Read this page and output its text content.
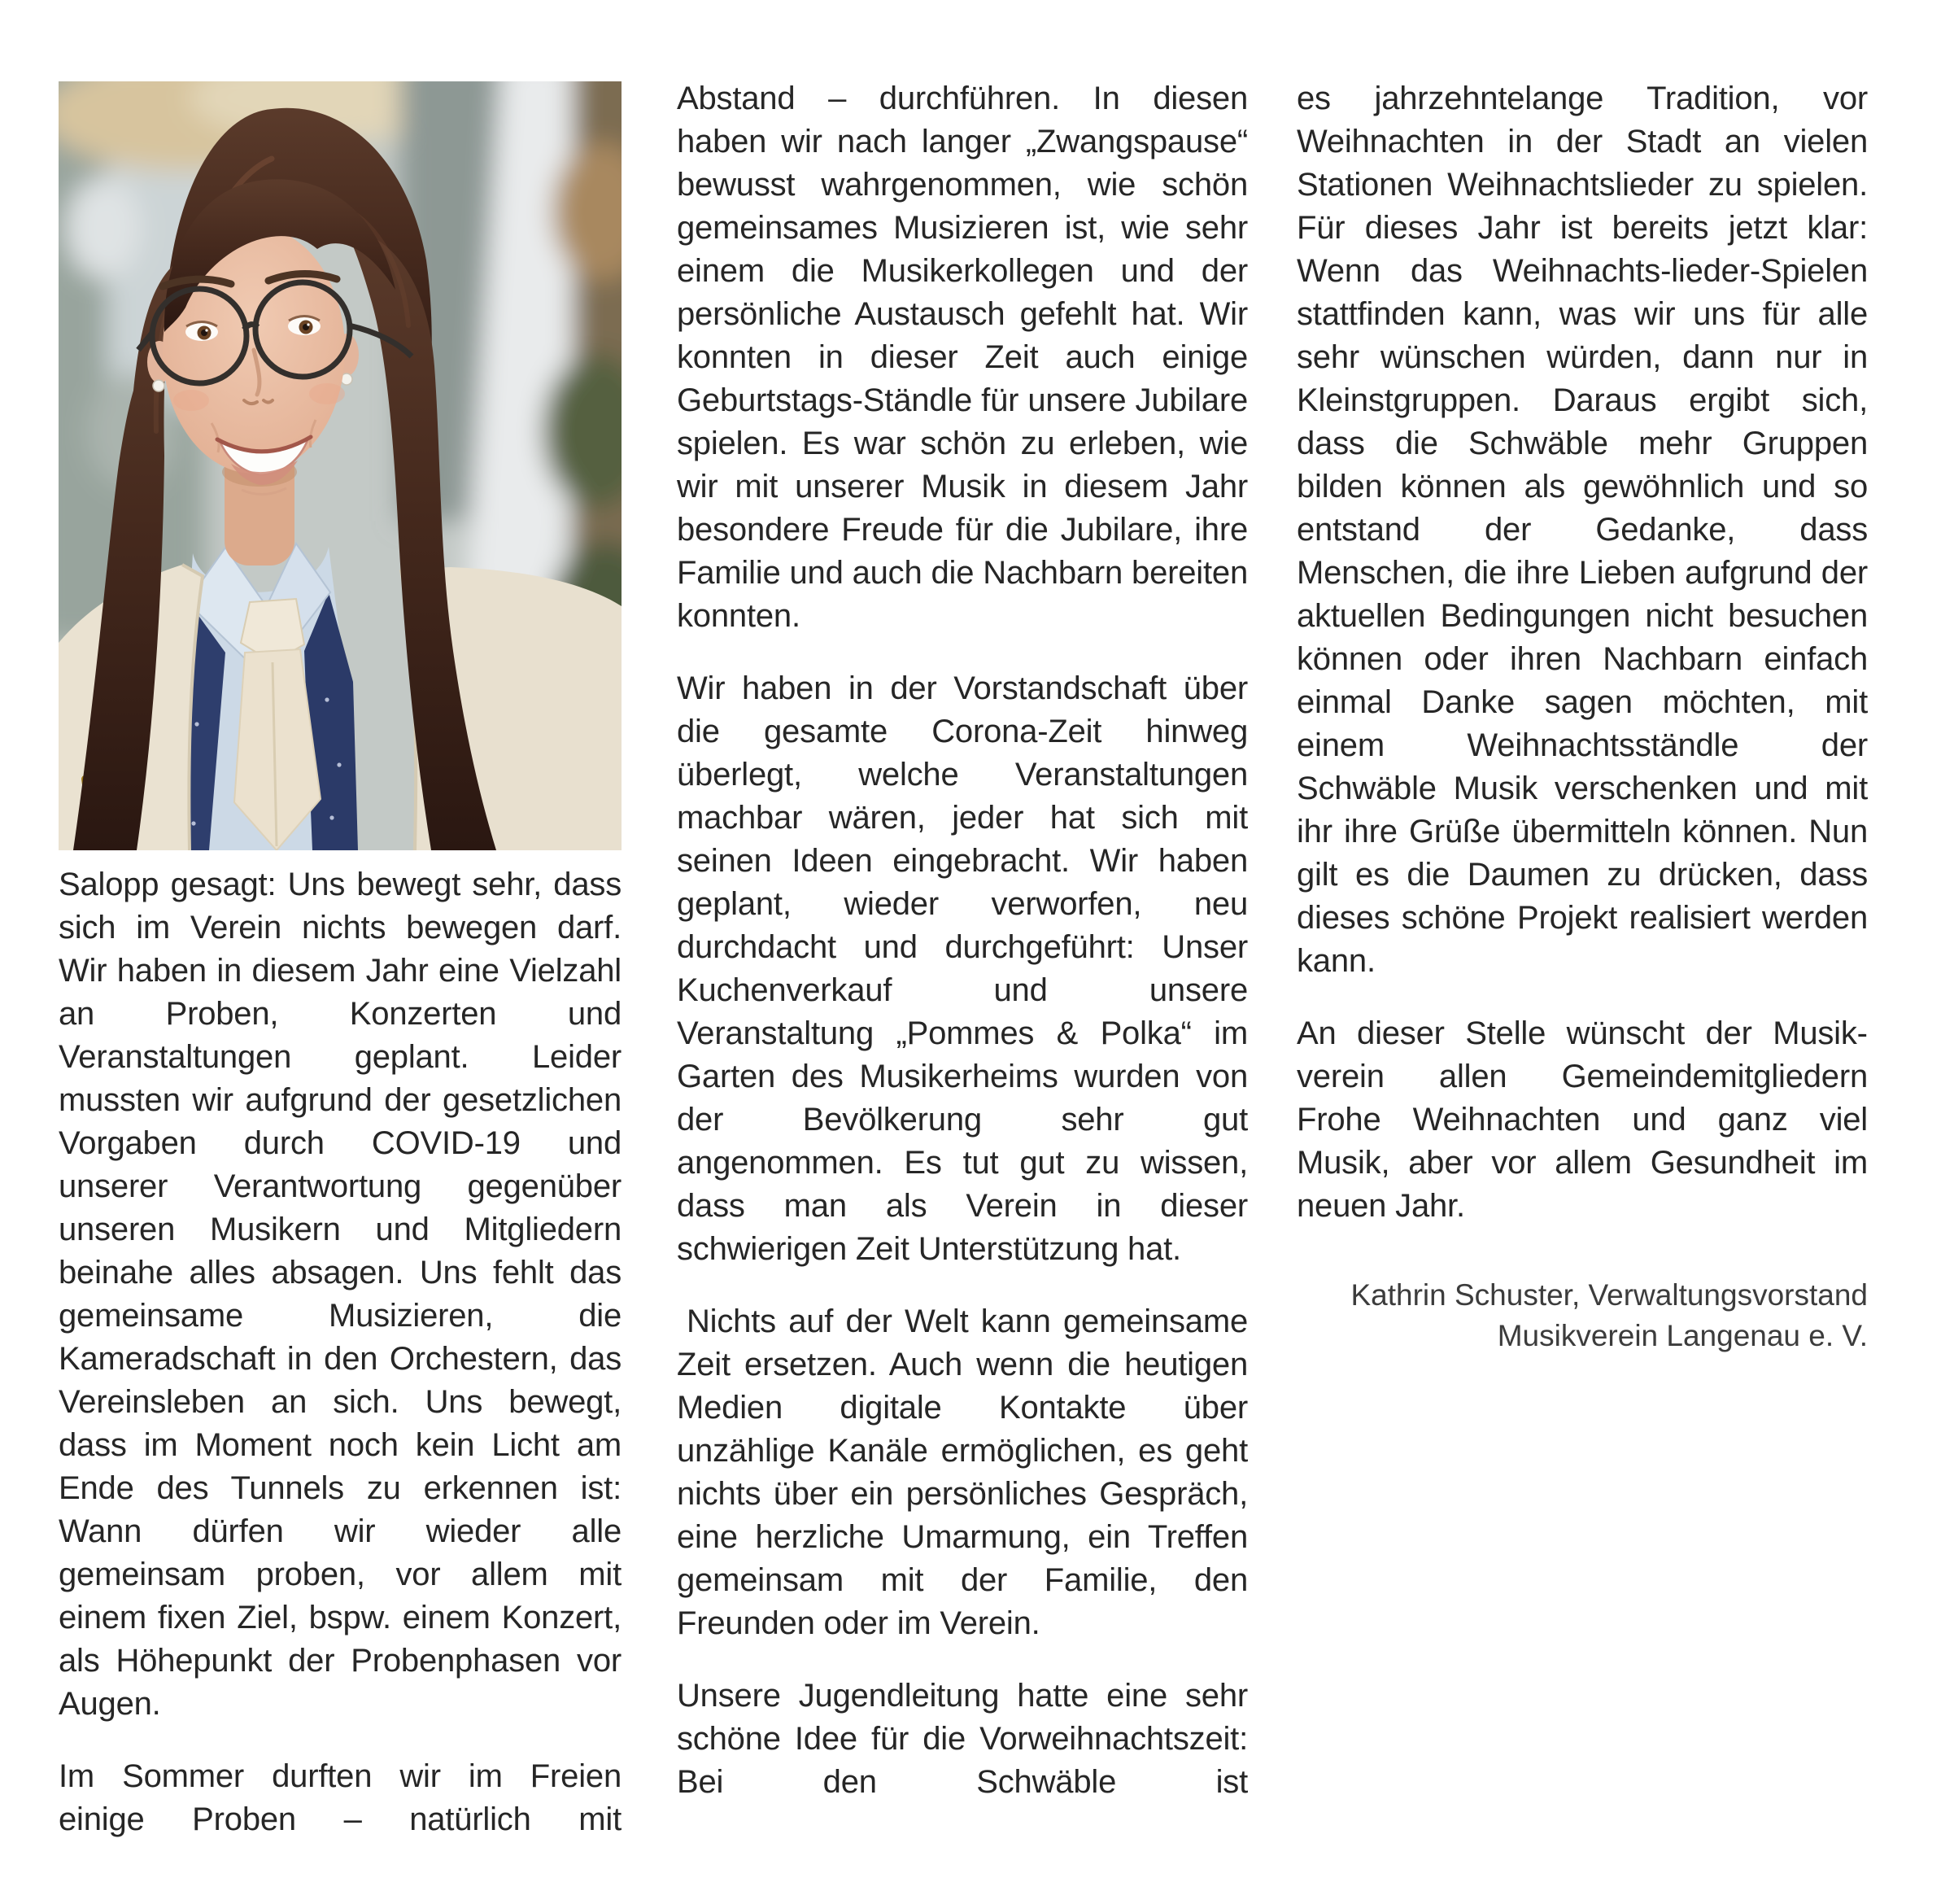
Salopp gesagt: Uns bewegt sehr, dass sich im Verein nichts bewegen darf. Wir haben in diesem Jahr eine Vielzahl an Proben, Konzerten und Veranstaltungen geplant. Leider mussten wir aufgrund der gesetzlichen Vorgaben durch COVID-19 und unserer Verantwortung gegenüber unseren Musikern und Mitgliedern beinahe alles absagen. Uns fehlt das gemeinsame Musizieren, die Kameradschaft in den Orchestern, das Vereinsleben an sich. Uns bewegt, dass im Moment noch kein Licht am Ende des Tunnels zu erkennen ist: Wann dürfen wir wieder alle gemeinsam proben, vor allem mit einem fixen Ziel, bspw. einem Konzert, als Höhepunkt der Probenphasen vor Augen.

Im Sommer durften wir im Freien einige Proben – natürlich mit

Abstand – durchführen. In diesen haben wir nach langer „Zwangspause“ bewusst wahrgenommen, wie schön gemeinsames Musizieren ist, wie sehr einem die Musikerkollegen und der persönliche Austausch gefehlt hat. Wir konnten in dieser Zeit auch einige Geburtstags-Ständle für unsere Jubilare spielen. Es war schön zu erleben, wie wir mit unserer Musik in diesem Jahr besondere Freude für die Jubilare, ihre Familie und auch die Nachbarn bereiten konnten.

Wir haben in der Vorstandschaft über die gesamte Corona-Zeit hinweg überlegt, welche Veranstaltungen machbar wären, jeder hat sich mit seinen Ideen eingebracht. Wir haben geplant, wieder verworfen, neu durchdacht und durchgeführt: Unser Kuchenverkauf und unsere Veranstaltung „Pommes & Polka“ im Garten des Musikerheims wurden von der Bevölkerung sehr gut angenommen. Es tut gut zu wissen, dass man als Verein in dieser schwierigen Zeit Unterstützung hat.

Nichts auf der Welt kann gemeinsame Zeit ersetzen. Auch wenn die heutigen Medien digitale Kontakte über unzählige Kanäle ermöglichen, es geht nichts über ein persönliches Gespräch, eine herzliche Umarmung, ein Treffen gemeinsam mit der Familie, den Freunden oder im Verein.

Unsere Jugendleitung hatte eine sehr schöne Idee für die Vorweihnachtszeit: Bei den Schwäble ist

es jahrzehntelange Tradition, vor Weihnachten in der Stadt an vielen Stationen Weihnachtslieder zu spielen. Für dieses Jahr ist bereits jetzt klar: Wenn das Weihnachts-lieder-Spielen stattfinden kann, was wir uns für alle sehr wünschen würden, dann nur in Kleinstgruppen. Daraus ergibt sich, dass die Schwäble mehr Gruppen bilden können als gewöhnlich und so entstand der Gedanke, dass Menschen, die ihre Lieben aufgrund der aktuellen Bedingungen nicht besuchen können oder ihren Nachbarn einfach einmal Danke sagen möchten, mit einem Weihnachtsständle der Schwäble Musik verschenken und mit ihr ihre Grüße übermitteln können. Nun gilt es die Daumen zu drücken, dass dieses schöne Projekt realisiert werden kann.

An dieser Stelle wünscht der Musikverein allen Gemeindemitgliedern Frohe Weihnachten und ganz viel Musik, aber vor allem Gesundheit im neuen Jahr.

Kathrin Schuster, Verwaltungsvorstand
Musikverein Langenau e. V.
